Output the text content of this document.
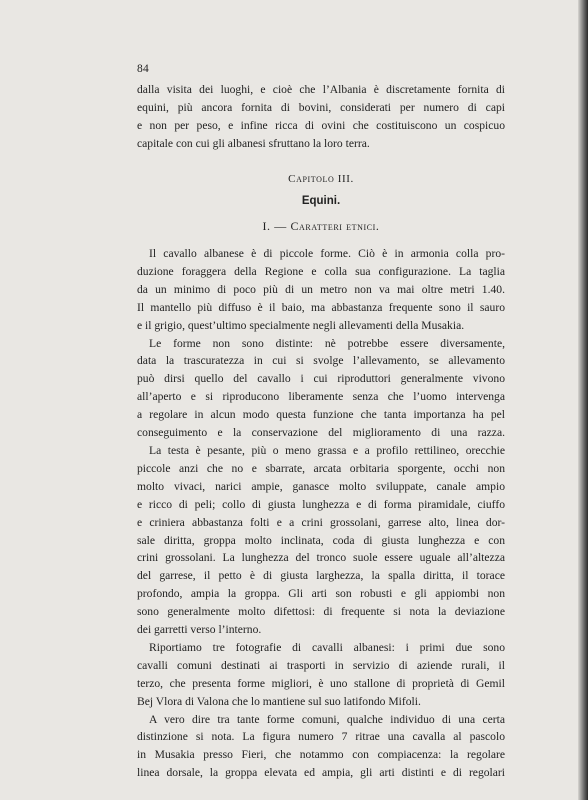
84
dalla visita dei luoghi, e cioè che l’Albania è discretamente fornita di
equini, più ancora fornita di bovini, considerati per numero di capi
e non per peso, e infine ricca di ovini che costituiscono un cospicuo
capitale con cui gli albanesi sfruttano la loro terra.
Capitolo III.
Equini.
I. — Caratteri etnici.
Il cavallo albanese è di piccole forme. Ciò è in armonia colla pro-
duzione foraggera della Regione e colla sua configurazione. La taglia
da un minimo di poco più di un metro non va mai oltre metri 1.40.
Il mantello più diffuso è il baio, ma abbastanza frequente sono il sauro
e il grigio, quest’ultimo specialmente negli allevamenti della Musakia.
Le forme non sono distinte: nè potrebbe essere diversamente,
data la trascuratezza in cui si svolge l’allevamento, se allevamento
può dirsi quello del cavallo i cui riproduttori generalmente vivono
all’aperto e si riproducono liberamente senza che l’uomo intervenga
a regolare in alcun modo questa funzione che tanta importanza ha pel
conseguimento e la conservazione del miglioramento di una razza.
La testa è pesante, più o meno grassa e a profilo rettilineo, orecchie
piccole anzi che no e sbarrate, arcata orbitaria sporgente, occhi non
molto vivaci, narici ampie, ganasce molto sviluppate, canale ampio
e ricco di peli; collo di giusta lunghezza e di forma piramidale, ciuffo
e criniera abbastanza folti e a crini grossolani, garrese alto, linea dor-
sale diritta, groppa molto inclinata, coda di giusta lunghezza e con
crini grossolani. La lunghezza del tronco suole essere uguale all’altezza
del garrese, il petto è di giusta larghezza, la spalla diritta, il torace
profondo, ampia la groppa. Gli arti son robusti e gli appiombi non
sono generalmente molto difettosi: di frequente si nota la deviazione
dei garretti verso l’interno.
Riportiamo tre fotografie di cavalli albanesi: i primi due sono
cavalli comuni destinati ai trasporti in servizio di aziende rurali, il
terzo, che presenta forme migliori, è uno stallone di proprietà di Gemil
Bej Vlora di Valona che lo mantiene sul suo latifondo Mifoli.
A vero dire tra tante forme comuni, qualche individuo di una certa
distinzione si nota. La figura numero 7 ritrae una cavalla al pascolo
in Musakia presso Fieri, che notammo con compiacenza: la regolare
linea dorsale, la groppa elevata ed ampia, gli arti distinti e di regolari
